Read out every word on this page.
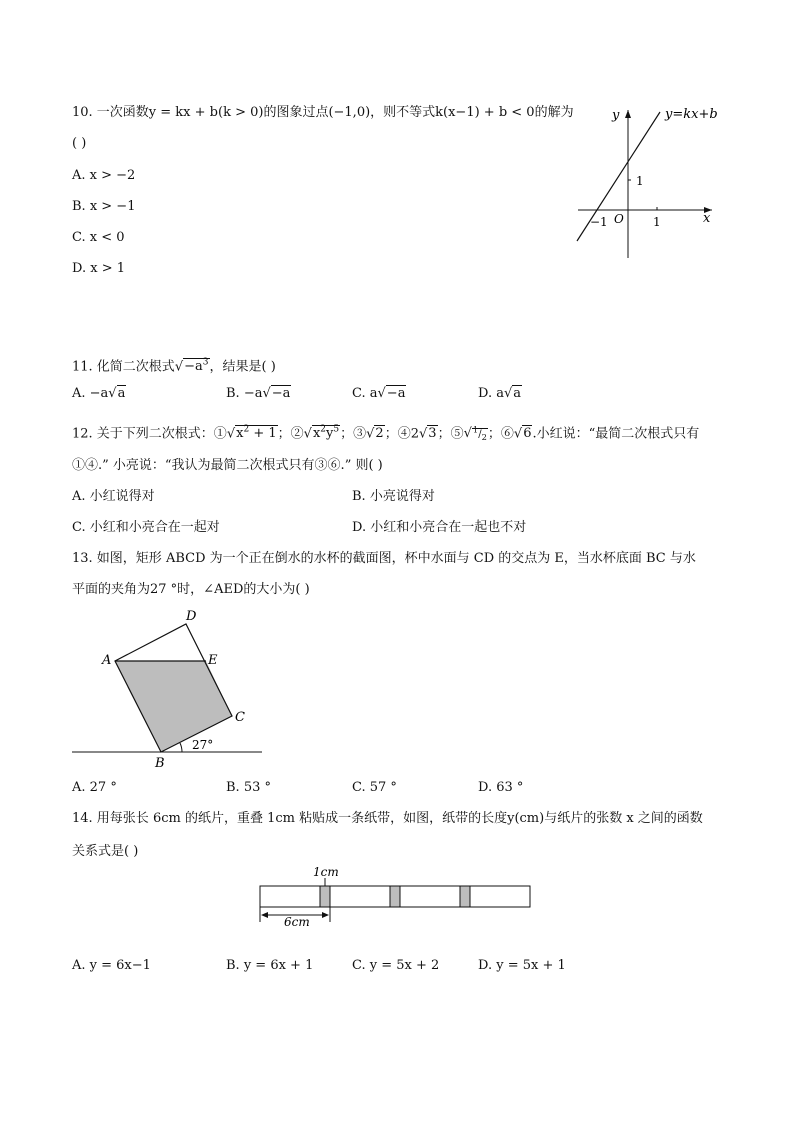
10. 一次函数y = kx + b(k > 0)的图象过点(−1,0)，则不等式k(x−1) + b < 0的解为
( )
A. x > −2
B. x > −1
C. x < 0
D. x > 1
y
x
O 1
−1
1
y=kx+b
11. 化简二次根式$√-a^3$，结果是( )
A. −a√a	B. −a√−a	C. a√−a	D. a√a
12. 关于下列二次根式：$①√x^2 + 1$；$②√x^2y^5$；③√2；④2√3；$⑤√^1/_2$；⑥√6.小红说：“最简二次根式只有
①④.” 小亮说：“我认为最简二次根式只有③⑥.” 则( )
A. 小红说得对	B. 小亮说得对
C. 小红和小亮合在一起对	D. 小红和小亮合在一起也不对
13. 如图，矩形 ABCD 为一个正在倒水的水杯的截面图，杯中水面与 CD 的交点为 E，当水杯底面 BC 与水
平面的夹角为27 °时，∠AED的大小为( )
D
A	E
C
B
27°
A. 27 °	B. 53 °	C. 57 °	D. 63 °
14. 用每张长 6cm 的纸片，重叠 1cm 粘贴成一条纸带，如图，纸带的长度y(cm)与纸片的张数 x 之间的函数
关系式是( )
1cm
6cm
A. y = 6x−1	B. y = 6x + 1	C. y = 5x + 2	D. y = 5x + 1
